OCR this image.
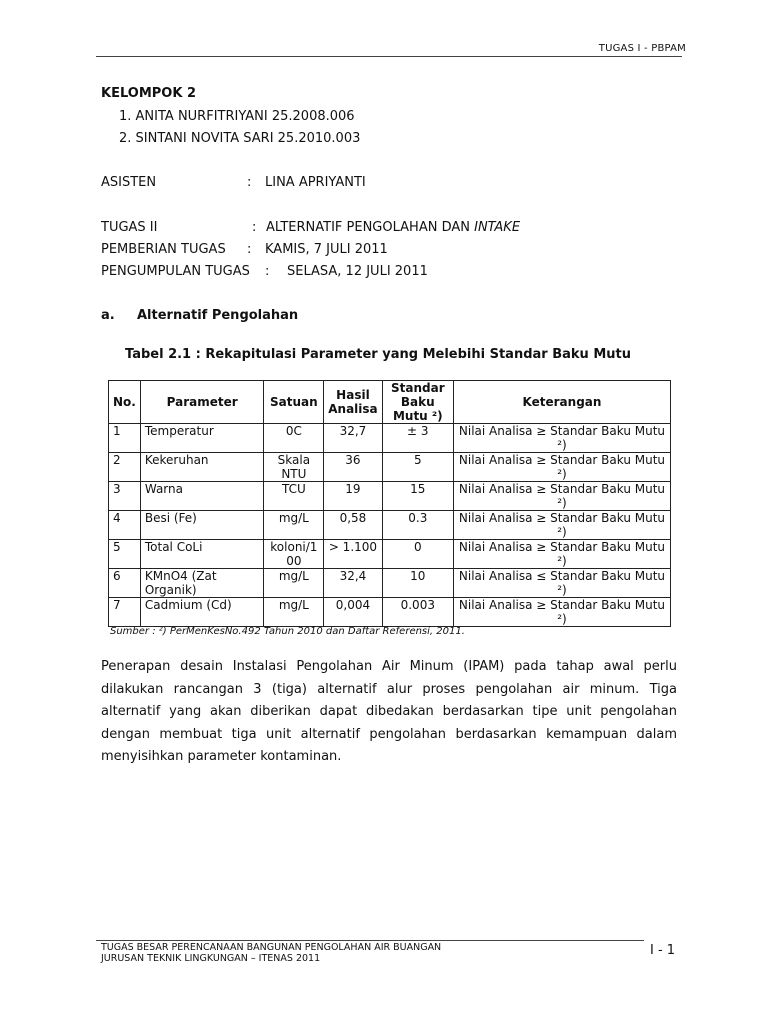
TUGAS I - PBPAM
KELOMPOK 2
1. ANITA NURFITRIYANI 25.2008.006
2. SINTANI NOVITA SARI 25.2010.003
ASISTEN	: LINA APRIYANTI
TUGAS II	: ALTERNATIF PENGOLAHAN DAN INTAKE
PEMBERIAN TUGAS : KAMIS, 7 JULI 2011
PENGUMPULAN TUGAS : SELASA, 12 JULI 2011
a. Alternatif Pengolahan
Tabel 2.1 : Rekapitulasi Parameter yang Melebihi Standar Baku Mutu
No.	Parameter	Satuan	Hasil Analisa	Standar Baku Mutu ²)	Keterangan
1	Temperatur	0C	32,7	± 3	Nilai Analisa ≥ Standar Baku Mutu ²)
2	Kekeruhan	Skala NTU	36	5	Nilai Analisa ≥ Standar Baku Mutu ²)
3	Warna	TCU	19	15	Nilai Analisa ≥ Standar Baku Mutu ²)
4	Besi (Fe)	mg/L	0,58	0.3	Nilai Analisa ≥ Standar Baku Mutu ²)
5	Total CoLi	koloni/100	> 1.100	0	Nilai Analisa ≥ Standar Baku Mutu ²)
6	KMnO4 (Zat Organik)	mg/L	32,4	10	Nilai Analisa ≤ Standar Baku Mutu ²)
7	Cadmium (Cd)	mg/L	0,004	0.003	Nilai Analisa ≥ Standar Baku Mutu ²)
Sumber : ²) PerMenKesNo.492 Tahun 2010 dan Daftar Referensi, 2011.
Penerapan desain Instalasi Pengolahan Air Minum (IPAM) pada tahap awal perlu dilakukan rancangan 3 (tiga) alternatif alur proses pengolahan air minum. Tiga alternatif yang akan diberikan dapat dibedakan berdasarkan tipe unit pengolahan dengan membuat tiga unit alternatif pengolahan berdasarkan kemampuan dalam menyisihkan parameter kontaminan.
TUGAS BESAR PERENCANAAN BANGUNAN PENGOLAHAN AIR BUANGAN
JURUSAN TEKNIK LINGKUNGAN – ITENAS 2011
I - 1
